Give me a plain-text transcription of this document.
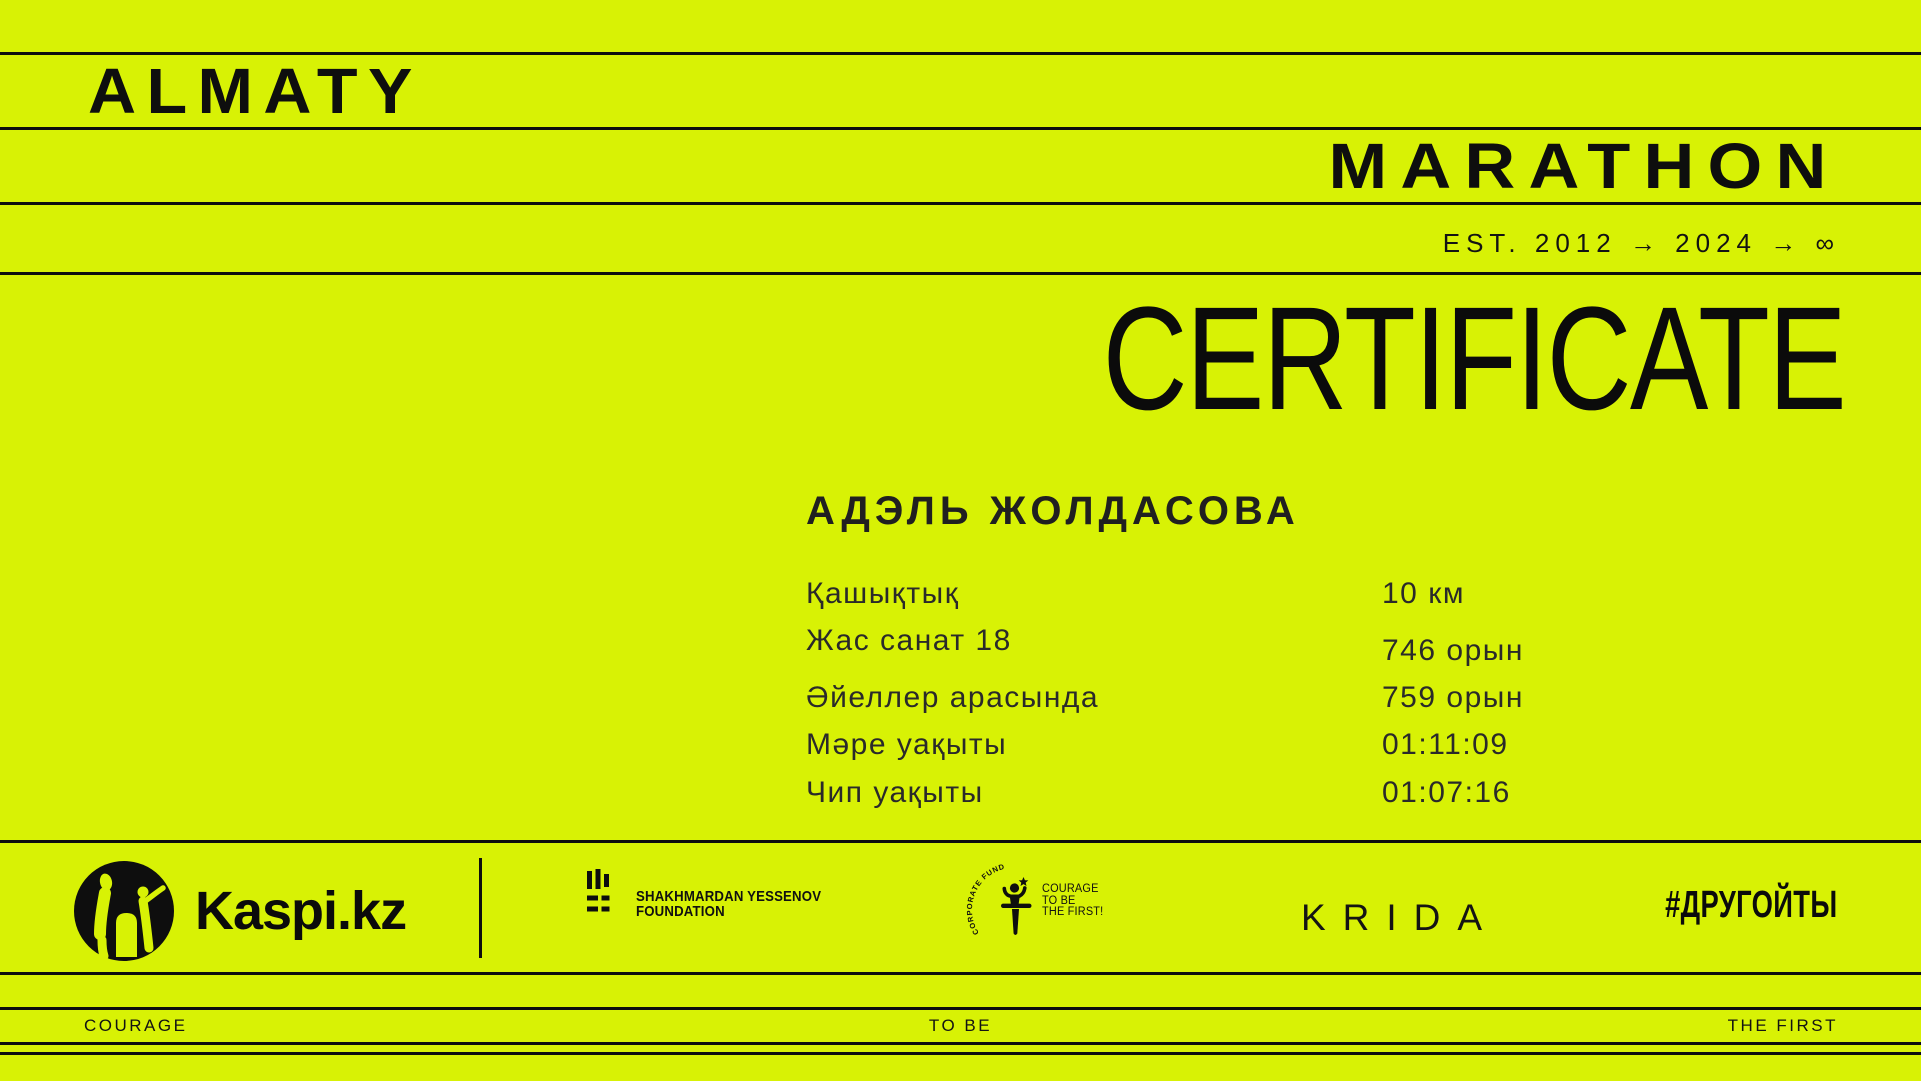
ALMATY
MARATHON
EST. 2012 → 2024 → ∞
CERTIFICATE
АДЭЛЬ ЖОЛДАСОВА
Қашықтық	10 км
Жас санат 18	746 орын
Әйеллер арасында	759 орын
Мәре уақыты	01:11:09
Чип уақыты	01:07:16
Kaspi.kz	SHAKHMARDAN YESSENOV
FOUNDATION
CORPORATE FUND
COURAGE
TO BE
THE FIRST!	KRIDA	#ДРУГОЙТЫ
COURAGE	TO BE	THE FIRST
